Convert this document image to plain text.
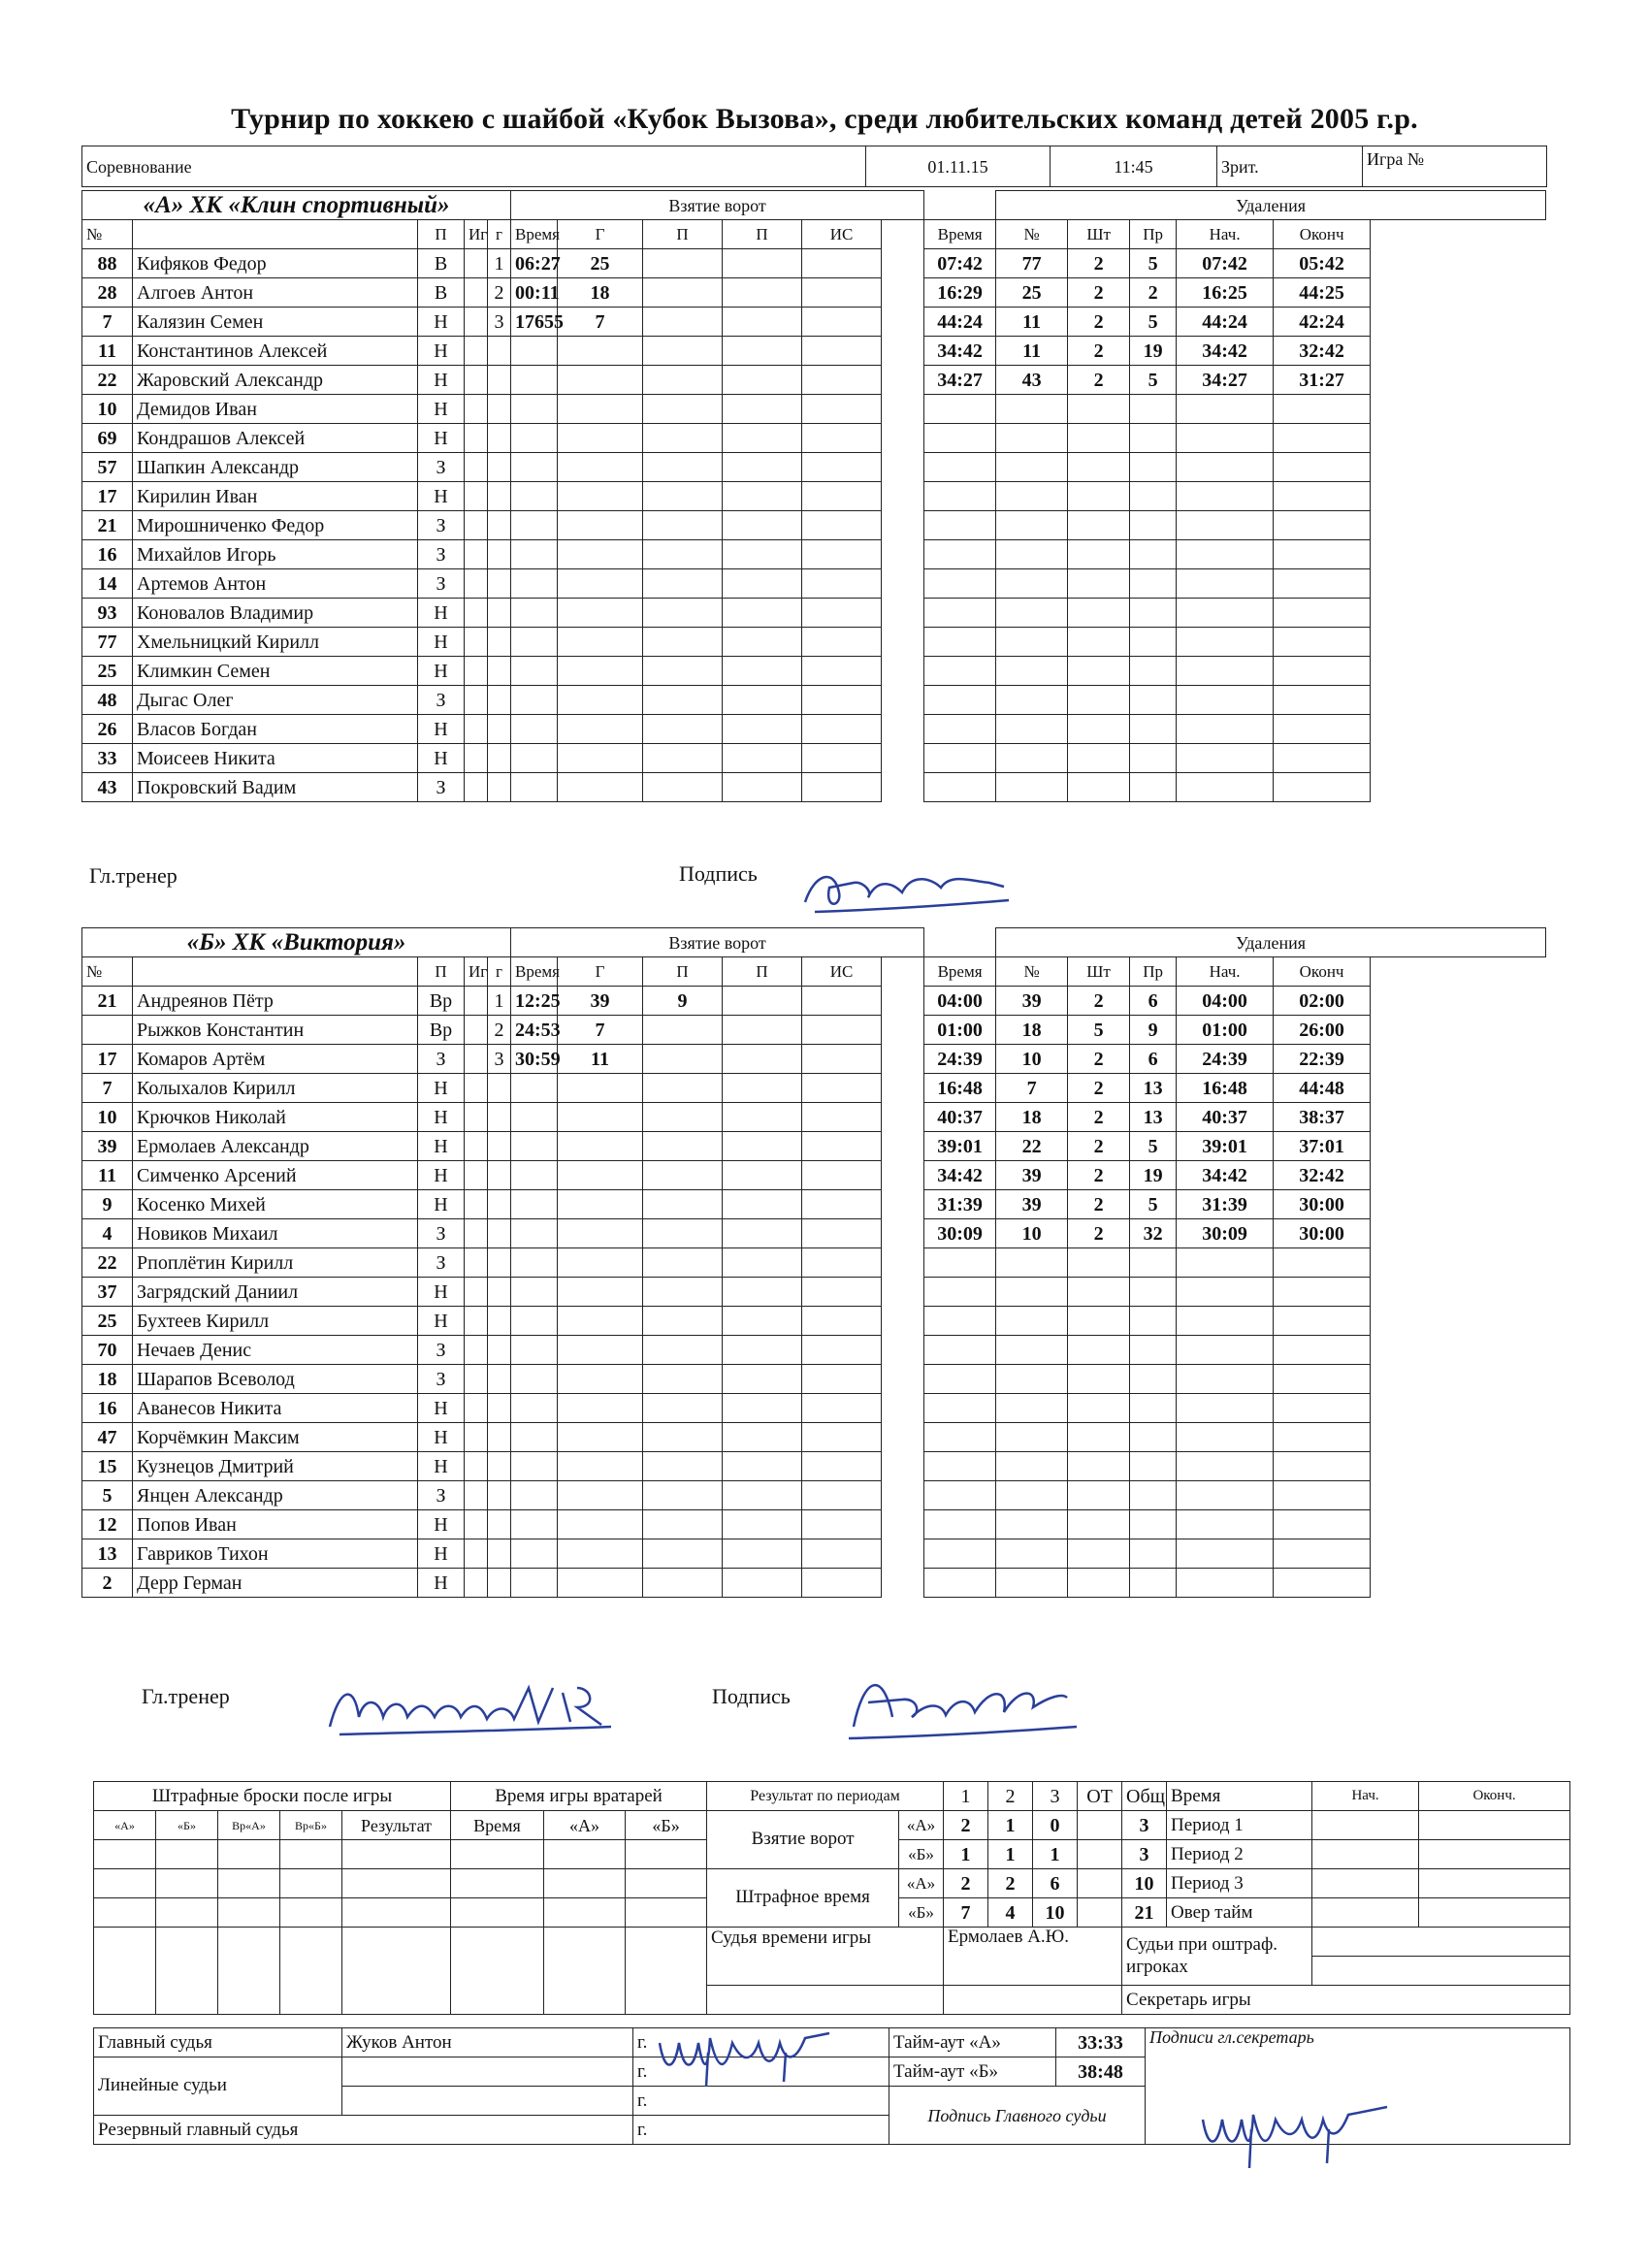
Турнир по хоккею с шайбой «Кубок Вызова», среди любительских команд детей 2005 г.р.
Соревнование	01.11.15	11:45	Зрит.	Игра №
«А» ХК «Клин спортивный»					Взятие ворот							Удаления				
№		П	Иг	г	Время	Г	П	П	ИС		Время	№	Шт	Пр	Нач.	Оконч
88	Кифяков Федор	В		1	06:27	25					07:42	77	2	5	07:42	05:42
28	Алгоев Антон	В		2	00:11	18					16:29	25	2	2	16:25	44:25
7	Калязин Семен	Н		3	17655	7					44:24	11	2	5	44:24	42:24
11	Константинов Алексей	Н									34:42	11	2	19	34:42	32:42
22	Жаровский Александр	Н									34:27	43	2	5	34:27	31:27
10	Демидов Иван	Н														
69	Кондрашов Алексей	Н														
57	Шапкин Александр	З														
17	Кирилин Иван	Н														
21	Мирошниченко Федор	З														
16	Михайлов Игорь	З														
14	Артемов Антон	З														
93	Коновалов Владимир	Н														
77	Хмельницкий Кирилл	Н														
25	Климкин Семен	Н														
48	Дыгас Олег	З														
26	Власов Богдан	Н														
33	Моисеев Никита	Н														
43	Покровский Вадим	З														
Гл.тренер	Подпись
«Б» ХК «Виктория»					Взятие ворот							Удаления				
№		П	Иг	г	Время	Г	П	П	ИС		Время	№	Шт	Пр	Нач.	Оконч
21	Андреянов Пётр	Вр		1	12:25	39	9				04:00	39	2	6	04:00	02:00
	Рыжков Константин	Вр		2	24:53	7					01:00	18	5	9	01:00	26:00
17	Комаров Артём	З		3	30:59	11					24:39	10	2	6	24:39	22:39
7	Колыхалов Кирилл	Н									16:48	7	2	13	16:48	44:48
10	Крючков Николай	Н									40:37	18	2	13	40:37	38:37
39	Ермолаев Александр	Н									39:01	22	2	5	39:01	37:01
11	Симченко Арсений	Н									34:42	39	2	19	34:42	32:42
9	Косенко Михей	Н									31:39	39	2	5	31:39	30:00
4	Новиков Михаил	З									30:09	10	2	32	30:09	30:00
22	Рпоплётин Кирилл	З														
37	Загрядский Даниил	Н														
25	Бухтеев Кирилл	Н														
70	Нечаев Денис	З														
18	Шарапов Всеволод	З														
16	Аванесов Никита	Н														
47	Корчёмкин Максим	Н														
15	Кузнецов Дмитрий	Н														
5	Янцен Александр	З														
12	Попов Иван	Н														
13	Гавриков Тихон	Н														
2	Дерр Герман	Н														
Гл.тренер	Подпись
Штрафные броски после игры					Время игры вратарей			Результат по периодам		1	2	3	ОТ	Общ	Время	Нач.	Оконч.
«А»	«Б»	Вр«А»	Вр«Б»	Результат	Время	«А»	«Б»	Взятие ворот	«А»	2	1	0		3	Период 1		
									«Б»	1	1	1		3	Период 2		
								Штрафное время	«А»	2	2	6		10	Период 3		
									«Б»	7	4	10		21	Овер тайм		
								Судья времени игры		Ермолаев А.Ю.				Судьи при оштраф. игроках			

														Секретарь игры			
Главный судья	Жуков Антон	г.	Тайм-аут «А»	33:33	Подписи гл.секретарь
Линейные судьи		г.	Тайм-аут «Б»	38:48	
		г.	Подпись Главного судьи		
Резервный главный судья		г.			
